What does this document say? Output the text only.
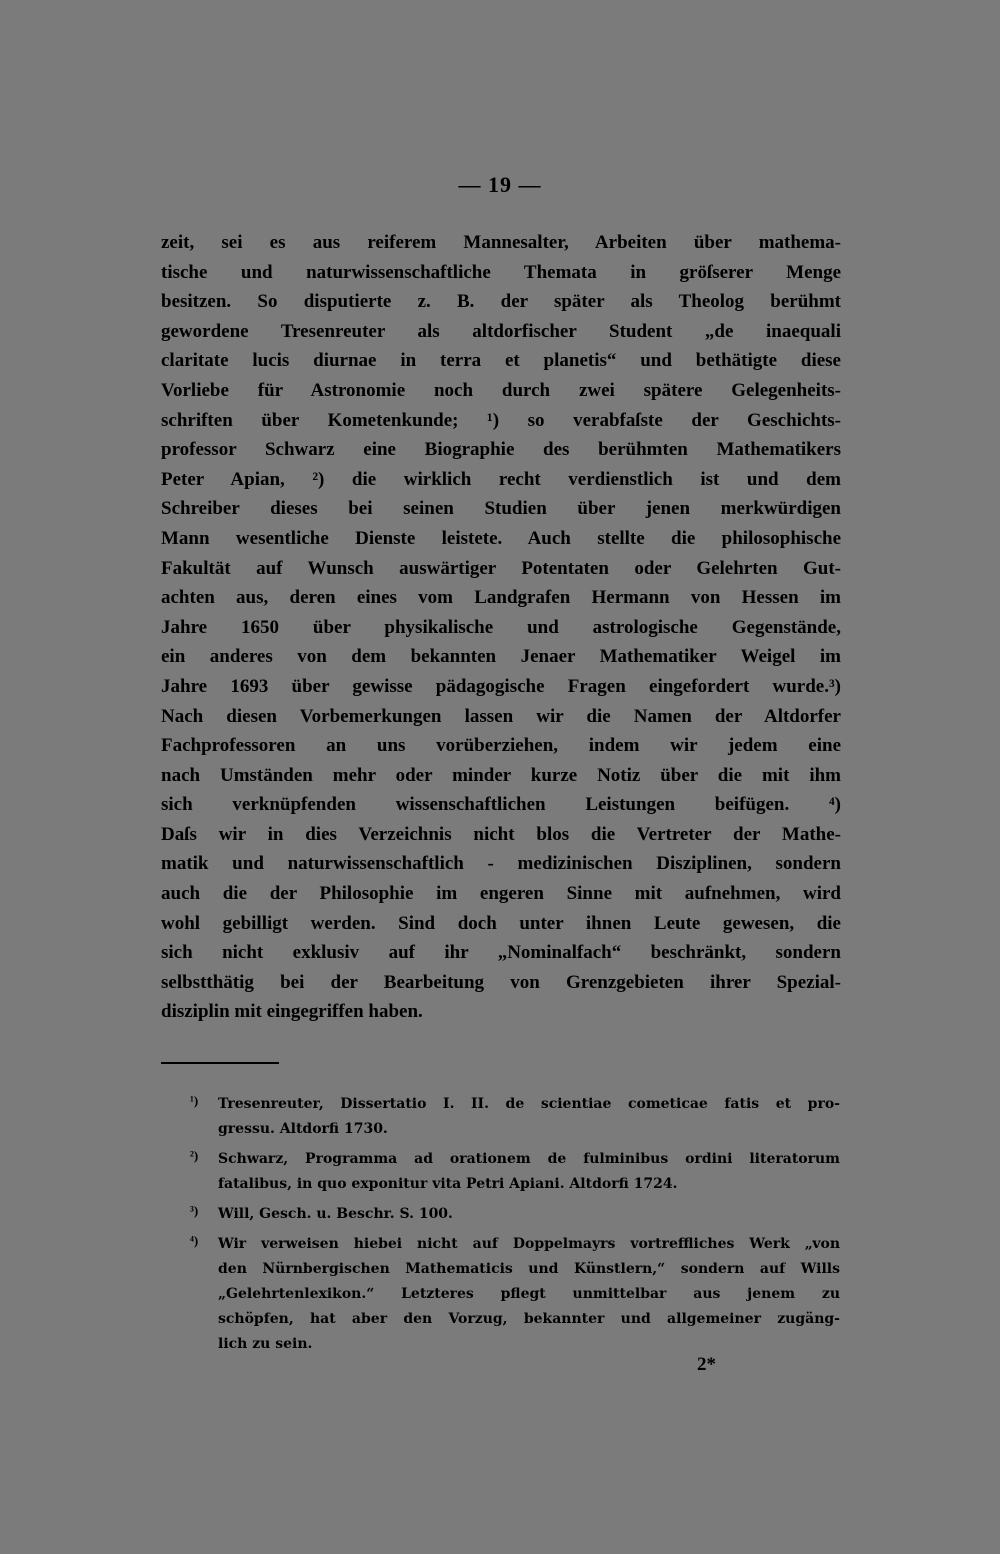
— 19 —

zeit, sei es aus reiferem Mannesalter, Arbeiten über mathema-
tische und naturwissenschaftliche Themata in gröſserer Menge
besitzen. So disputierte z. B. der später als Theolog berühmt
gewordene Tresenreuter als altdorfischer Student „de inaequali
claritate lucis diurnae in terra et planetis“ und bethätigte diese
Vorliebe für Astronomie noch durch zwei spätere Gelegenheits-
schriften über Kometenkunde; ¹) so verabfaſste der Geschichts-
professor Schwarz eine Biographie des berühmten Mathematikers
Peter Apian, ²) die wirklich recht verdienstlich ist und dem
Schreiber dieses bei seinen Studien über jenen merkwürdigen
Mann wesentliche Dienste leistete. Auch stellte die philosophische
Fakultät auf Wunsch auswärtiger Potentaten oder Gelehrten Gut-
achten aus, deren eines vom Landgrafen Hermann von Hessen im
Jahre 1650 über physikalische und astrologische Gegenstände,
ein anderes von dem bekannten Jenaer Mathematiker Weigel im
Jahre 1693 über gewisse pädagogische Fragen eingefordert wurde.³)
Nach diesen Vorbemerkungen lassen wir die Namen der Altdorfer
Fachprofessoren an uns vorüberziehen, indem wir jedem eine
nach Umständen mehr oder minder kurze Notiz über die mit ihm
sich verknüpfenden wissenschaftlichen Leistungen beifügen. ⁴)
Daſs wir in dies Verzeichnis nicht blos die Vertreter der Mathe-
matik und naturwissenschaftlich - medizinischen Disziplinen, sondern
auch die der Philosophie im engeren Sinne mit aufnehmen, wird
wohl gebilligt werden. Sind doch unter ihnen Leute gewesen, die
sich nicht exklusiv auf ihr „Nominalfach“ beschränkt, sondern
selbstthätig bei der Bearbeitung von Grenzgebieten ihrer Spezial-
disziplin mit eingegriffen haben.
¹) Tresenreuter, Dissertatio I. II. de scientiae cometicae fatis et pro-
gressu. Altdorfi 1730.
²) Schwarz, Programma ad orationem de fulminibus ordini literatorum
fatalibus, in quo exponitur vita Petri Apiani. Altdorfi 1724.
³) Will, Gesch. u. Beschr. S. 100.
⁴) Wir verweisen hiebei nicht auf Doppelmayrs vortreffliches Werk „von
den Nürnbergischen Mathematicis und Künstlern,“ sondern auf Wills
„Gelehrtenlexikon.“ Letzteres pflegt unmittelbar aus jenem zu
schöpfen, hat aber den Vorzug, bekannter und allgemeiner zugäng-
lich zu sein.

2*
